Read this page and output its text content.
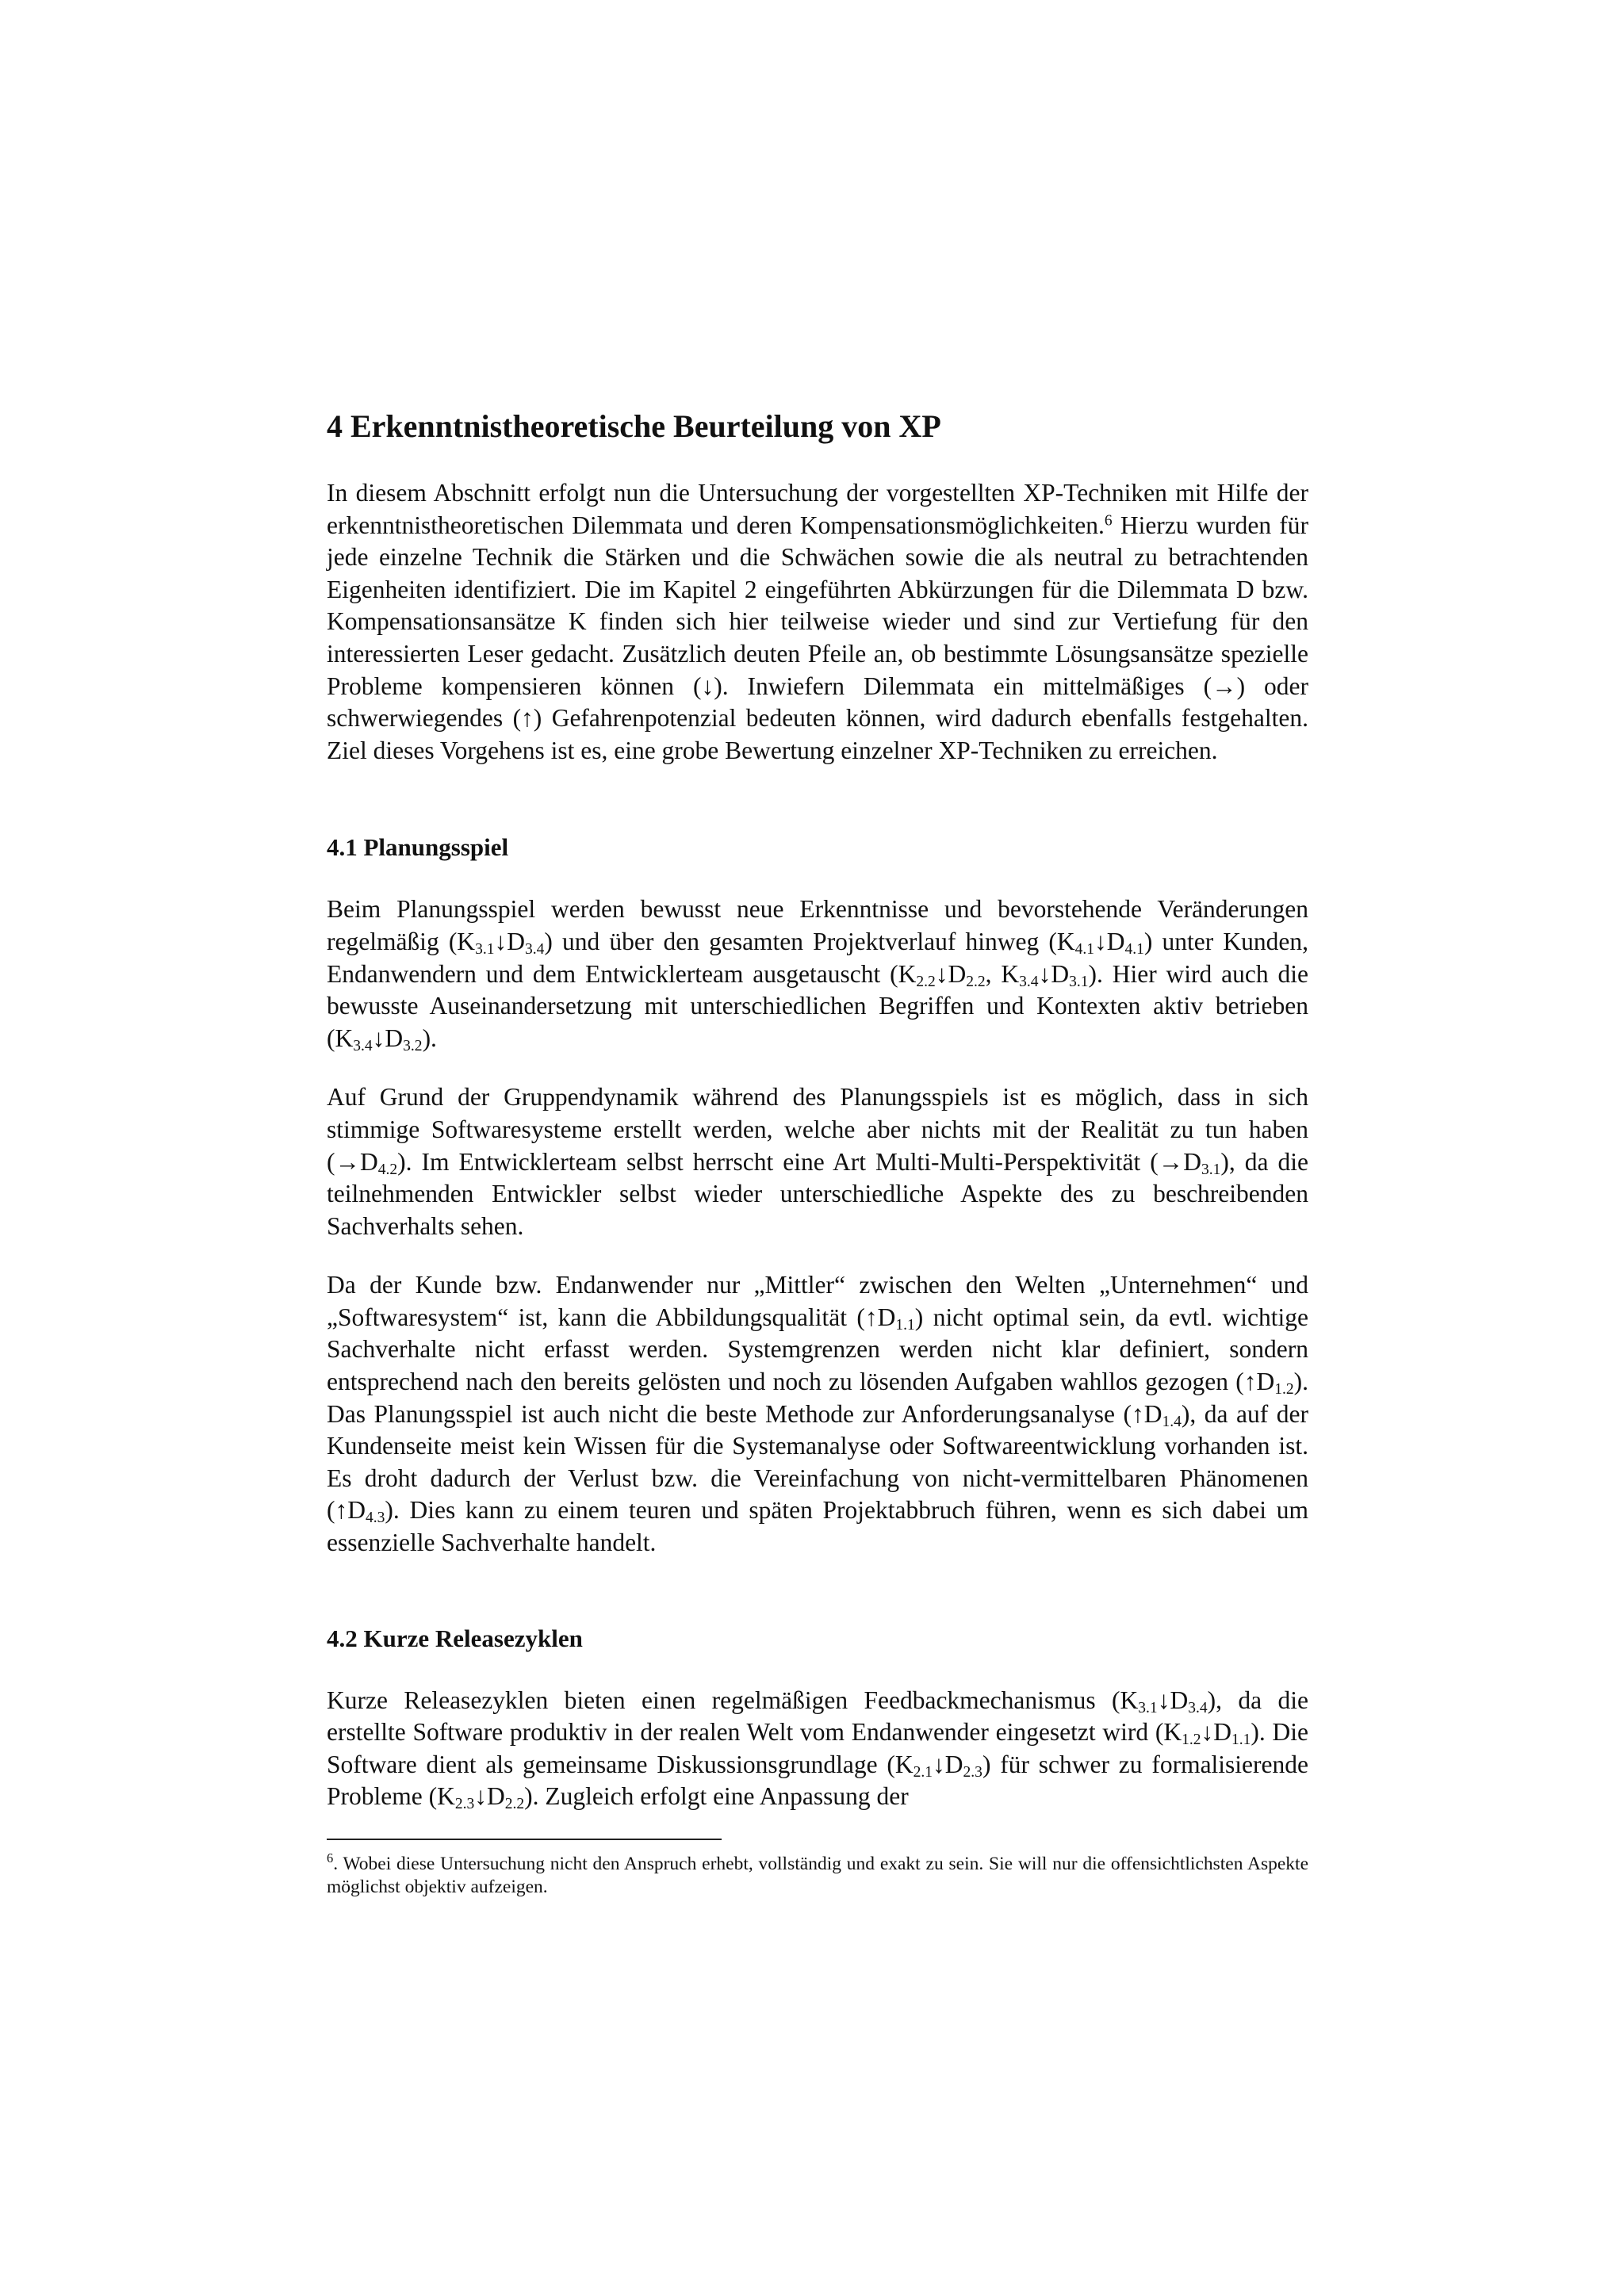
4 Erkenntnistheoretische Beurteilung von XP

In diesem Abschnitt erfolgt nun die Untersuchung der vorgestellten XP-Techniken mit Hilfe der erkenntnistheoretischen Dilemmata und deren Kompensationsmöglichkeiten.$^6$ Hierzu wurden für jede einzelne Technik die Stärken und die Schwächen sowie die als neutral zu betrachtenden Eigenheiten identifiziert. Die im Kapitel 2 eingeführten Abkürzungen für die Dilemmata D bzw. Kompensationsansätze K finden sich hier teilweise wieder und sind zur Vertiefung für den interessierten Leser gedacht. Zusätzlich deuten Pfeile an, ob bestimmte Lösungsansätze spezielle Probleme kompensieren können (↓). Inwiefern Dilemmata ein mittelmäßiges (→) oder schwerwiegendes (↑) Gefahrenpotenzial bedeuten können, wird dadurch ebenfalls festgehalten. Ziel dieses Vorgehens ist es, eine grobe Bewertung einzelner XP-Techniken zu erreichen.

4.1 Planungsspiel

Beim Planungsspiel werden bewusst neue Erkenntnisse und bevorstehende Veränderungen regelmäßig $(K_{3.1}↓D_{3.4})$ und über den gesamten Projektverlauf hinweg $(K_{4.1}↓D_{4.1})$ unter Kunden, Endanwendern und dem Entwicklerteam ausgetauscht ($K_{2.2}↓D_{2.2}$, $K_{3.4}↓D_{3.1}$). Hier wird auch die bewusste Auseinandersetzung mit unterschiedlichen Begriffen und Kontexten aktiv betrieben $(K_{3.4}↓D_{3.2})$.

Auf Grund der Gruppendynamik während des Planungsspiels ist es möglich, dass in sich stimmige Softwaresysteme erstellt werden, welche aber nichts mit der Realität zu tun haben $(\to D_{4.2})$. Im Entwicklerteam selbst herrscht eine Art Multi-Multi-Perspektivität $(\to D_{3.1})$, da die teilnehmenden Entwickler selbst wieder unterschiedliche Aspekte des zu beschreibenden Sachverhalts sehen.

Da der Kunde bzw. Endanwender nur „Mittler“ zwischen den Welten „Unternehmen“ und „Softwaresystem“ ist, kann die Abbildungsqualität $(↑D_{1.1})$ nicht optimal sein, da evtl. wichtige Sachverhalte nicht erfasst werden. Systemgrenzen werden nicht klar definiert, sondern entsprechend nach den bereits gelösten und noch zu lösenden Aufgaben wahllos gezogen $(↑D_{1.2})$. Das Planungsspiel ist auch nicht die beste Methode zur Anforderungsanalyse $(↑D_{1.4})$, da auf der Kundenseite meist kein Wissen für die Systemanalyse oder Softwareentwicklung vorhanden ist. Es droht dadurch der Verlust bzw. die Vereinfachung von nicht-vermittelbaren Phänomenen $(↑D_{4.3})$. Dies kann zu einem teuren und späten Projektabbruch führen, wenn es sich dabei um essenzielle Sachverhalte handelt.

4.2 Kurze Releasezyklen

Kurze Releasezyklen bieten einen regelmäßigen Feedbackmechanismus $(K_{3.1}↓D_{3.4})$, da die erstellte Software produktiv in der realen Welt vom Endanwender eingesetzt wird $(K_{1.2}↓D_{1.1})$. Die Software dient als gemeinsame Diskussionsgrundlage $(K_{2.1}↓D_{2.3})$ für schwer zu formalisierende Probleme $(K_{2.3}↓D_{2.2})$. Zugleich erfolgt eine Anpassung der

$^6$. Wobei diese Untersuchung nicht den Anspruch erhebt, vollständig und exakt zu sein. Sie will nur die offensichtlichsten Aspekte möglichst objektiv aufzeigen.
